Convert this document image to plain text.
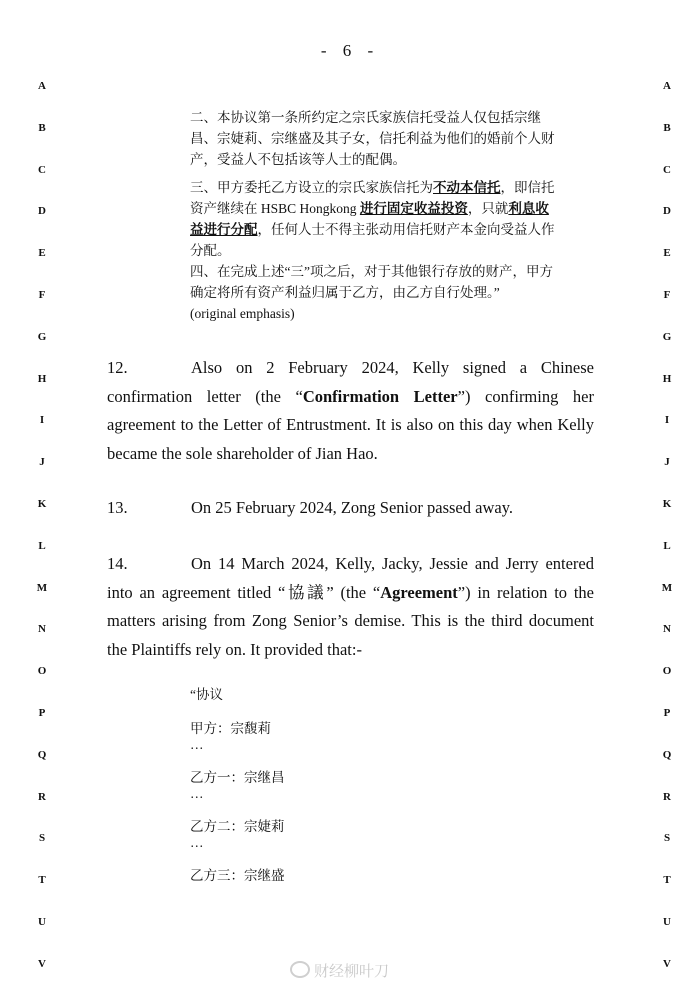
- 6 -
A
B
C
D
E
F
G
H
I
J
K
L
M
N
O
P
Q
R
S
T
U
V
A
B
C
D
E
F
G
H
I
J
K
L
M
N
O
P
Q
R
S
T
U
V

二、本协议第一条所约定之宗氏家族信托受益人仅包括宗继昌、宗婕莉、宗继盛及其子女，信托利益为他们的婚前个人财产，受益人不包括该等人士的配偶。

三、甲方委托乙方设立的宗氏家族信托为不动本信托，即信托资产继续在 HSBC Hongkong 进行固定收益投资，只就利息收益进行分配，任何人士不得主张动用信托财产本金向受益人作分配。

四、在完成上述“三”项之后，对于其他银行存放的财产，甲方确定将所有资产利益归属于乙方，由乙方自行处理。”

(original emphasis)

12.	Also on 2 February 2024, Kelly signed a Chinese confirmation letter (the “Confirmation Letter”) confirming her agreement to the Letter of Entrustment. It is also on this day when Kelly became the sole shareholder of Jian Hao.
13.	On 25 February 2024, Zong Senior passed away.
14.	On 14 March 2024, Kelly, Jacky, Jessie and Jerry entered into an agreement titled “協議” (the “Agreement”) in relation to the matters arising from Zong Senior’s demise. This is the third document the Plaintiffs rely on. It provided that:-
“协议
甲方：宗馥莉
…
乙方一：宗继昌
…
乙方二：宗婕莉
…
乙方三：宗继盛
财经柳叶刀
